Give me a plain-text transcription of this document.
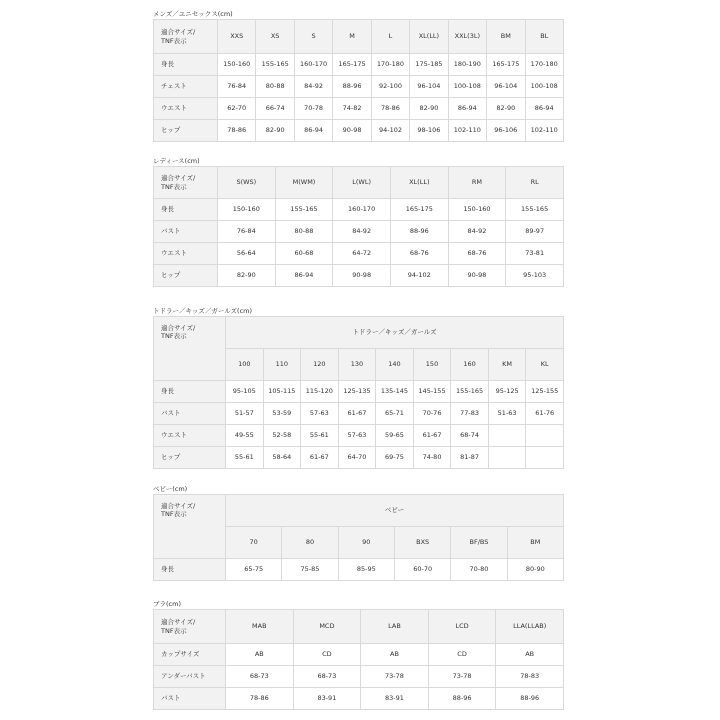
メンズ／ユニセックス(cm)
適合サイズ/
TNF表示	XXS	XS	S	M	L	XL(LL)	XXL(3L)	BM	BL
身長	150-160	155-165	160-170	165-175	170-180	175-185	180-190	165-175	170-180
チェスト	76-84	80-88	84-92	88-96	92-100	96-104	100-108	96-104	100-108
ウエスト	62-70	66-74	70-78	74-82	78-86	82-90	86-94	82-90	86-94
ヒップ	78-86	82-90	86-94	90-98	94-102	98-106	102-110	96-106	102-110
レディース(cm)
適合サイズ/
TNF表示	S(WS)	M(WM)	L(WL)	XL(LL)	RM	RL
身長	150-160	155-165	160-170	165-175	150-160	155-165
バスト	76-84	80-88	84-92	88-96	84-92	89-97
ウエスト	56-64	60-68	64-72	68-76	68-76	73-81
ヒップ	82-90	86-94	90-98	94-102	90-98	95-103
トドラー／キッズ／ガールズ(cm)
適合サイズ/
TNF表示	トドラー／キッズ／ガールズ								
	100	110	120	130	140	150	160	KM	KL
身長	95-105	105-115	115-120	125-135	135-145	145-155	155-165	95-125	125-155
バスト	51-57	53-59	57-63	61-67	65-71	70-76	77-83	51-63	61-76
ウエスト	49-55	52-58	55-61	57-63	59-65	61-67	68-74		
ヒップ	55-61	58-64	61-67	64-70	69-75	74-80	81-87		
ベビー(cm)
適合サイズ/
TNF表示	ベビー					
	70	80	90	BXS	BF/BS	BM
身長	65-75	75-85	85-95	60-70	70-80	80-90
ブラ(cm)
適合サイズ/
TNF表示	MAB	MCD	LAB	LCD	LLA(LLAB)
カップサイズ	AB	CD	AB	CD	AB
アンダーバスト	68-73	68-73	73-78	73-78	78-83
バスト	78-86	83-91	83-91	88-96	88-96
